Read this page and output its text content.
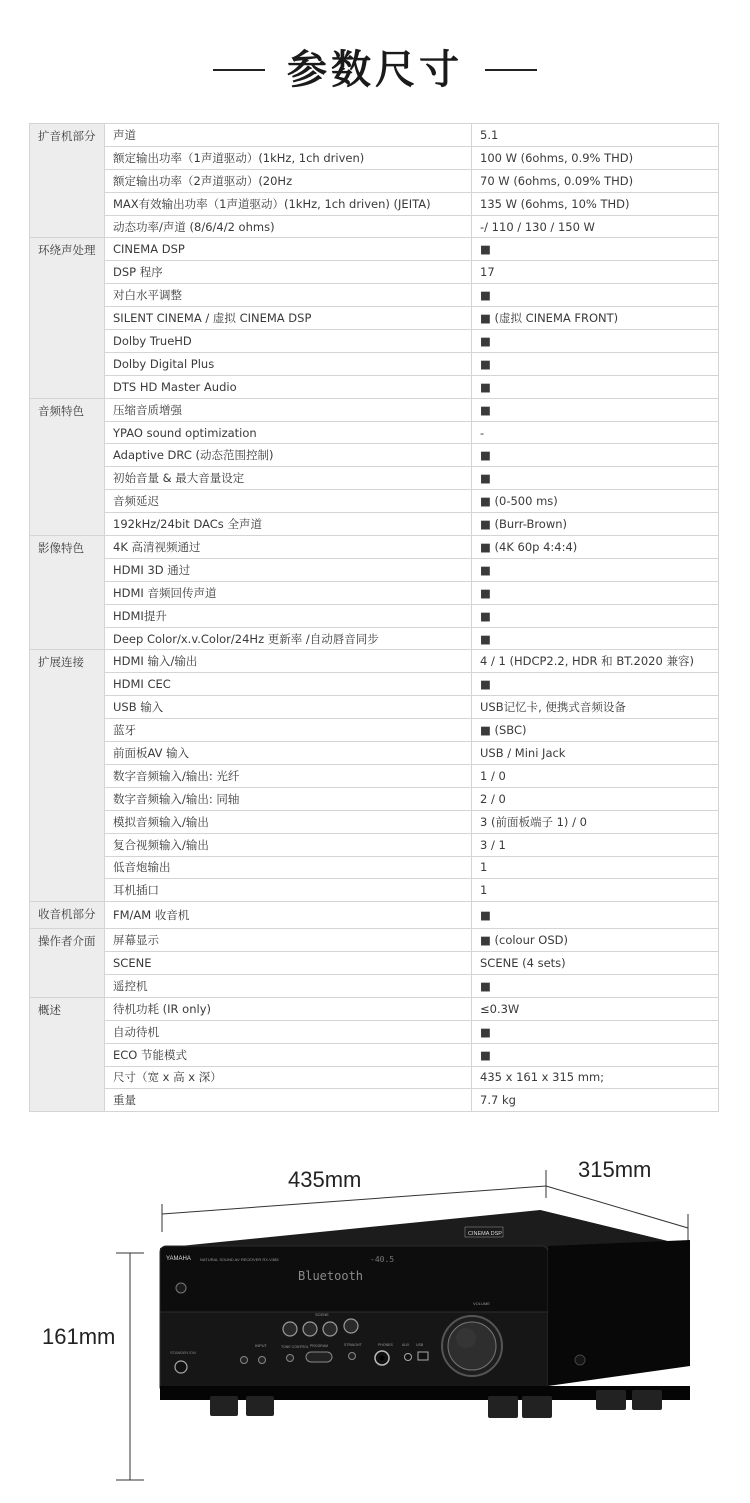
参数尺寸
扩音机部分	声道	5.1
	额定输出功率（1声道驱动）(1kHz, 1ch driven)	100 W (6ohms, 0.9% THD)
	额定输出功率（2声道驱动）(20Hz	70 W (6ohms, 0.09% THD)
	MAX有效输出功率（1声道驱动）(1kHz, 1ch driven) (JEITA)	135 W (6ohms, 10% THD)
	动态功率/声道 (8/6/4/2 ohms)	-/ 110 / 130 / 150 W
环绕声处理	CINEMA DSP	■
	DSP 程序	17
	对白水平调整	■
	SILENT CINEMA / 虚拟 CINEMA DSP	■ (虚拟 CINEMA FRONT)
	Dolby TrueHD	■
	Dolby Digital Plus	■
	DTS HD Master Audio	■
音频特色	压缩音质增强	■
	YPAO sound optimization	-
	Adaptive DRC (动态范围控制)	■
	初始音量 & 最大音量设定	■
	音频延迟	■ (0-500 ms)
	192kHz/24bit DACs 全声道	■ (Burr-Brown)
影像特色	4K 高清视频通过	■ (4K 60p 4:4:4)
	HDMI 3D 通过	■
	HDMI 音频回传声道	■
	HDMI提升	■
	Deep Color/x.v.Color/24Hz 更新率 /自动唇音同步	■
扩展连接	HDMI 输入/输出	4 / 1 (HDCP2.2, HDR 和 BT.2020 兼容)
	HDMI CEC	■
	USB 输入	USB记忆卡, 便携式音频设备
	蓝牙	■ (SBC)
	前面板AV 输入	USB / Mini Jack
	数字音频输入/输出: 光纤	1 / 0
	数字音频输入/输出: 同轴	2 / 0
	模拟音频输入/输出	3 (前面板端子 1) / 0
	复合视频输入/输出	3 / 1
	低音炮输出	1
	耳机插口	1
收音机部分	FM/AM 收音机	■
操作者介面	屏幕显示	■ (colour OSD)
	SCENE	SCENE (4 sets)
	遥控机	■
概述	待机功耗 (IR only)	≤0.3W
	自动待机	■
	ECO 节能模式	■
	尺寸（宽 x 高 x 深）	435 x 161 x 315 mm;
	重量	7.7 kg
435mm	315mm
161mm
YAMAHA NATURAL SOUND AV RECEIVER RX-V385
Bluetooth
-40.5
CINEMA DSP
STANDBY/ON
SCENE
INPUT	TONE CONTROL PROGRAM	STRAIGHT	PHONES	AUX USB
VOLUME
